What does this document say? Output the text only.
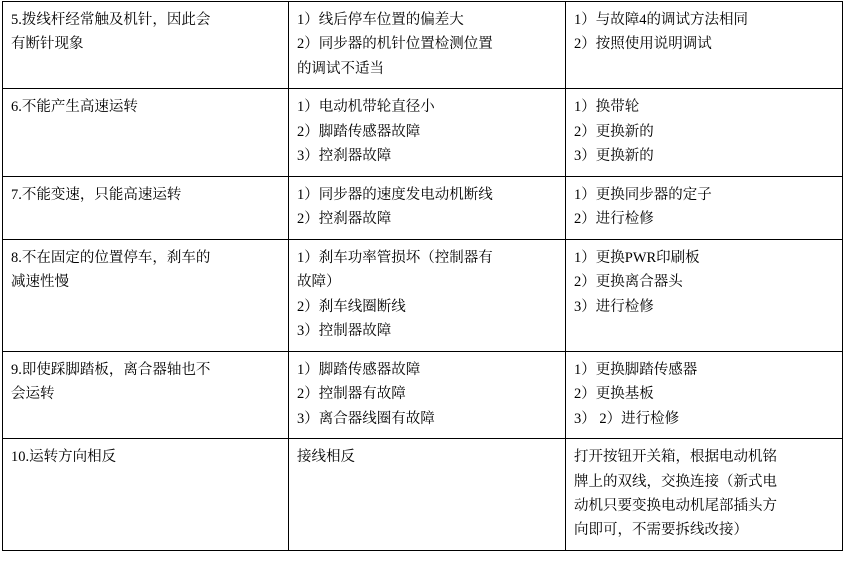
5.拨线杆经常触及机针，因此会
有断针现象	1）线后停车位置的偏差大
2）同步器的机针位置检测位置
的调试不适当	1）与故障4的调试方法相同
2）按照使用说明调试

6.不能产生高速运转	1）电动机带轮直径小
2）脚踏传感器故障
3）控刹器故障	1）换带轮
2）更换新的
3）更换新的

7.不能变速，只能高速运转	1）同步器的速度发电动机断线
2）控刹器故障	1）更换同步器的定子
2）进行检修

8.不在固定的位置停车，刹车的
减速性慢	1）刹车功率管损坏（控制器有
故障）
2）刹车线圈断线
3）控制器故障	1）更换PWR印刷板
2）更换离合器头
3）进行检修

9.即使踩脚踏板，离合器轴也不
会运转	1）脚踏传感器故障
2）控制器有故障
3）离合器线圈有故障	1）更换脚踏传感器
2）更换基板
3） 2）进行检修

10.运转方向相反	接线相反	打开按钮开关箱，根据电动机铭
牌上的双线，交换连接（新式电
动机只要变换电动机尾部插头方
向即可，不需要拆线改接）
